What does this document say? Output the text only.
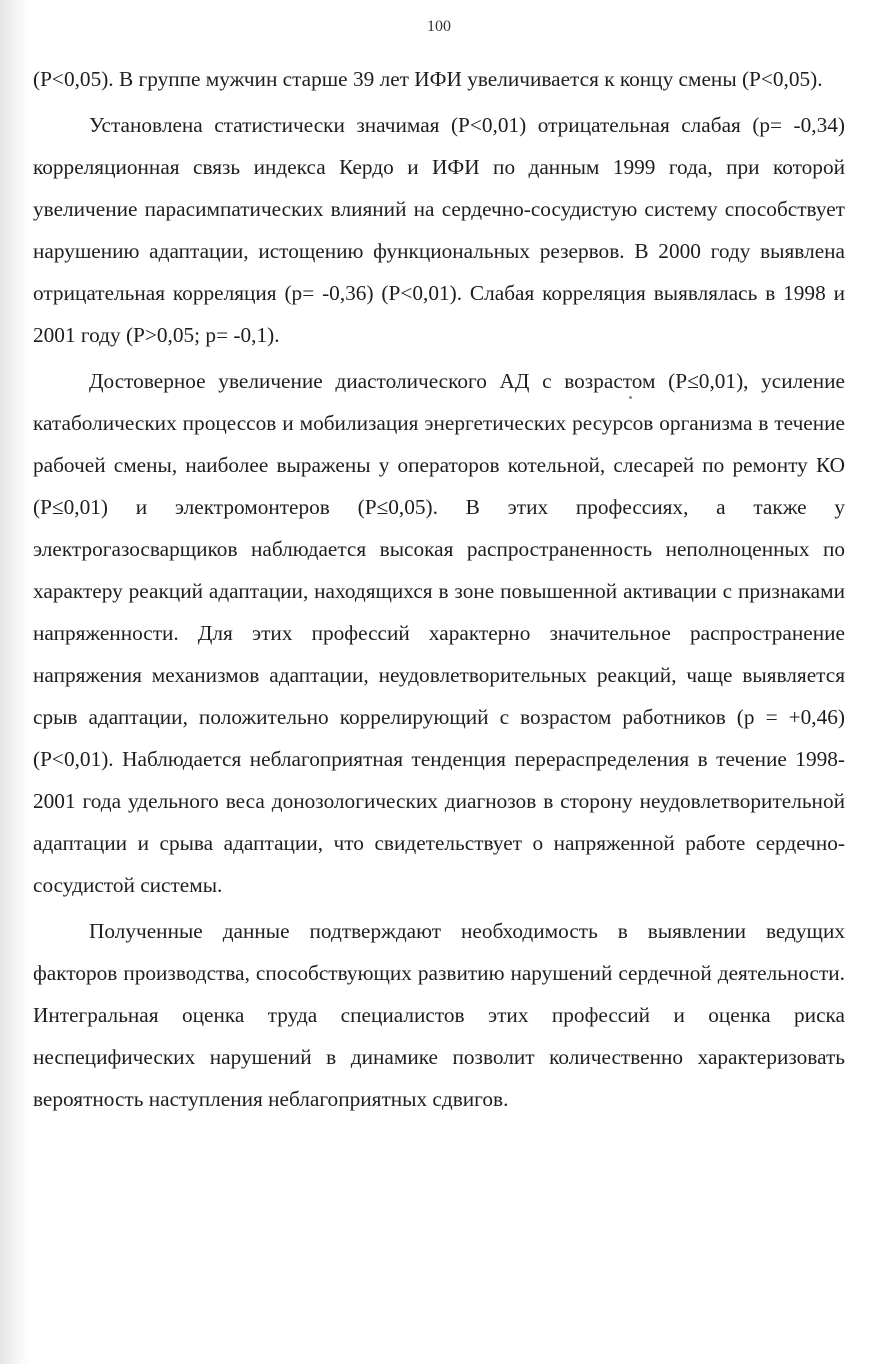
100

(P<0,05). В группе мужчин старше 39 лет ИФИ увеличивается к концу смены (P<0,05).

Установлена статистически значимая (P<0,01) отрицательная слабая (р= -0,34) корреляционная связь индекса Кердо и ИФИ по данным 1999 года, при которой увеличение парасимпатических влияний на сердечно-сосудистую систему способствует нарушению адаптации, истощению функциональных резервов. В 2000 году выявлена отрицательная корреляция (р= -0,36) (P<0,01). Слабая корреляция выявлялась в 1998 и 2001 году (P>0,05; р= -0,1).

Достоверное увеличение диастолического АД с возрастом (P≤0,01), усиление катаболических процессов и мобилизация энергетических ресурсов организма в течение рабочей смены, наиболее выражены у операторов котельной, слесарей по ремонту КО (P≤0,01) и электромонтеров (P≤0,05). В этих профессиях, а также у электрогазосварщиков наблюдается высокая распространенность неполноценных по характеру реакций адаптации, находящихся в зоне повышенной активации с признаками напряженности. Для этих профессий характерно значительное распространение напряжения механизмов адаптации, неудовлетворительных реакций, чаще выявляется срыв адаптации, положительно коррелирующий с возрастом работников (р = +0,46) (P<0,01). Наблюдается неблагоприятная тенденция перераспределения в течение 1998-2001 года удельного веса донозологических диагнозов в сторону неудовлетворительной адаптации и срыва адаптации, что свидетельствует о напряженной работе сердечно-сосудистой системы.

Полученные данные подтверждают необходимость в выявлении ведущих факторов производства, способствующих развитию нарушений сердечной деятельности. Интегральная оценка труда специалистов этих профессий и оценка риска неспецифических нарушений в динамике позволит количественно характеризовать вероятность наступления неблагоприятных сдвигов.
